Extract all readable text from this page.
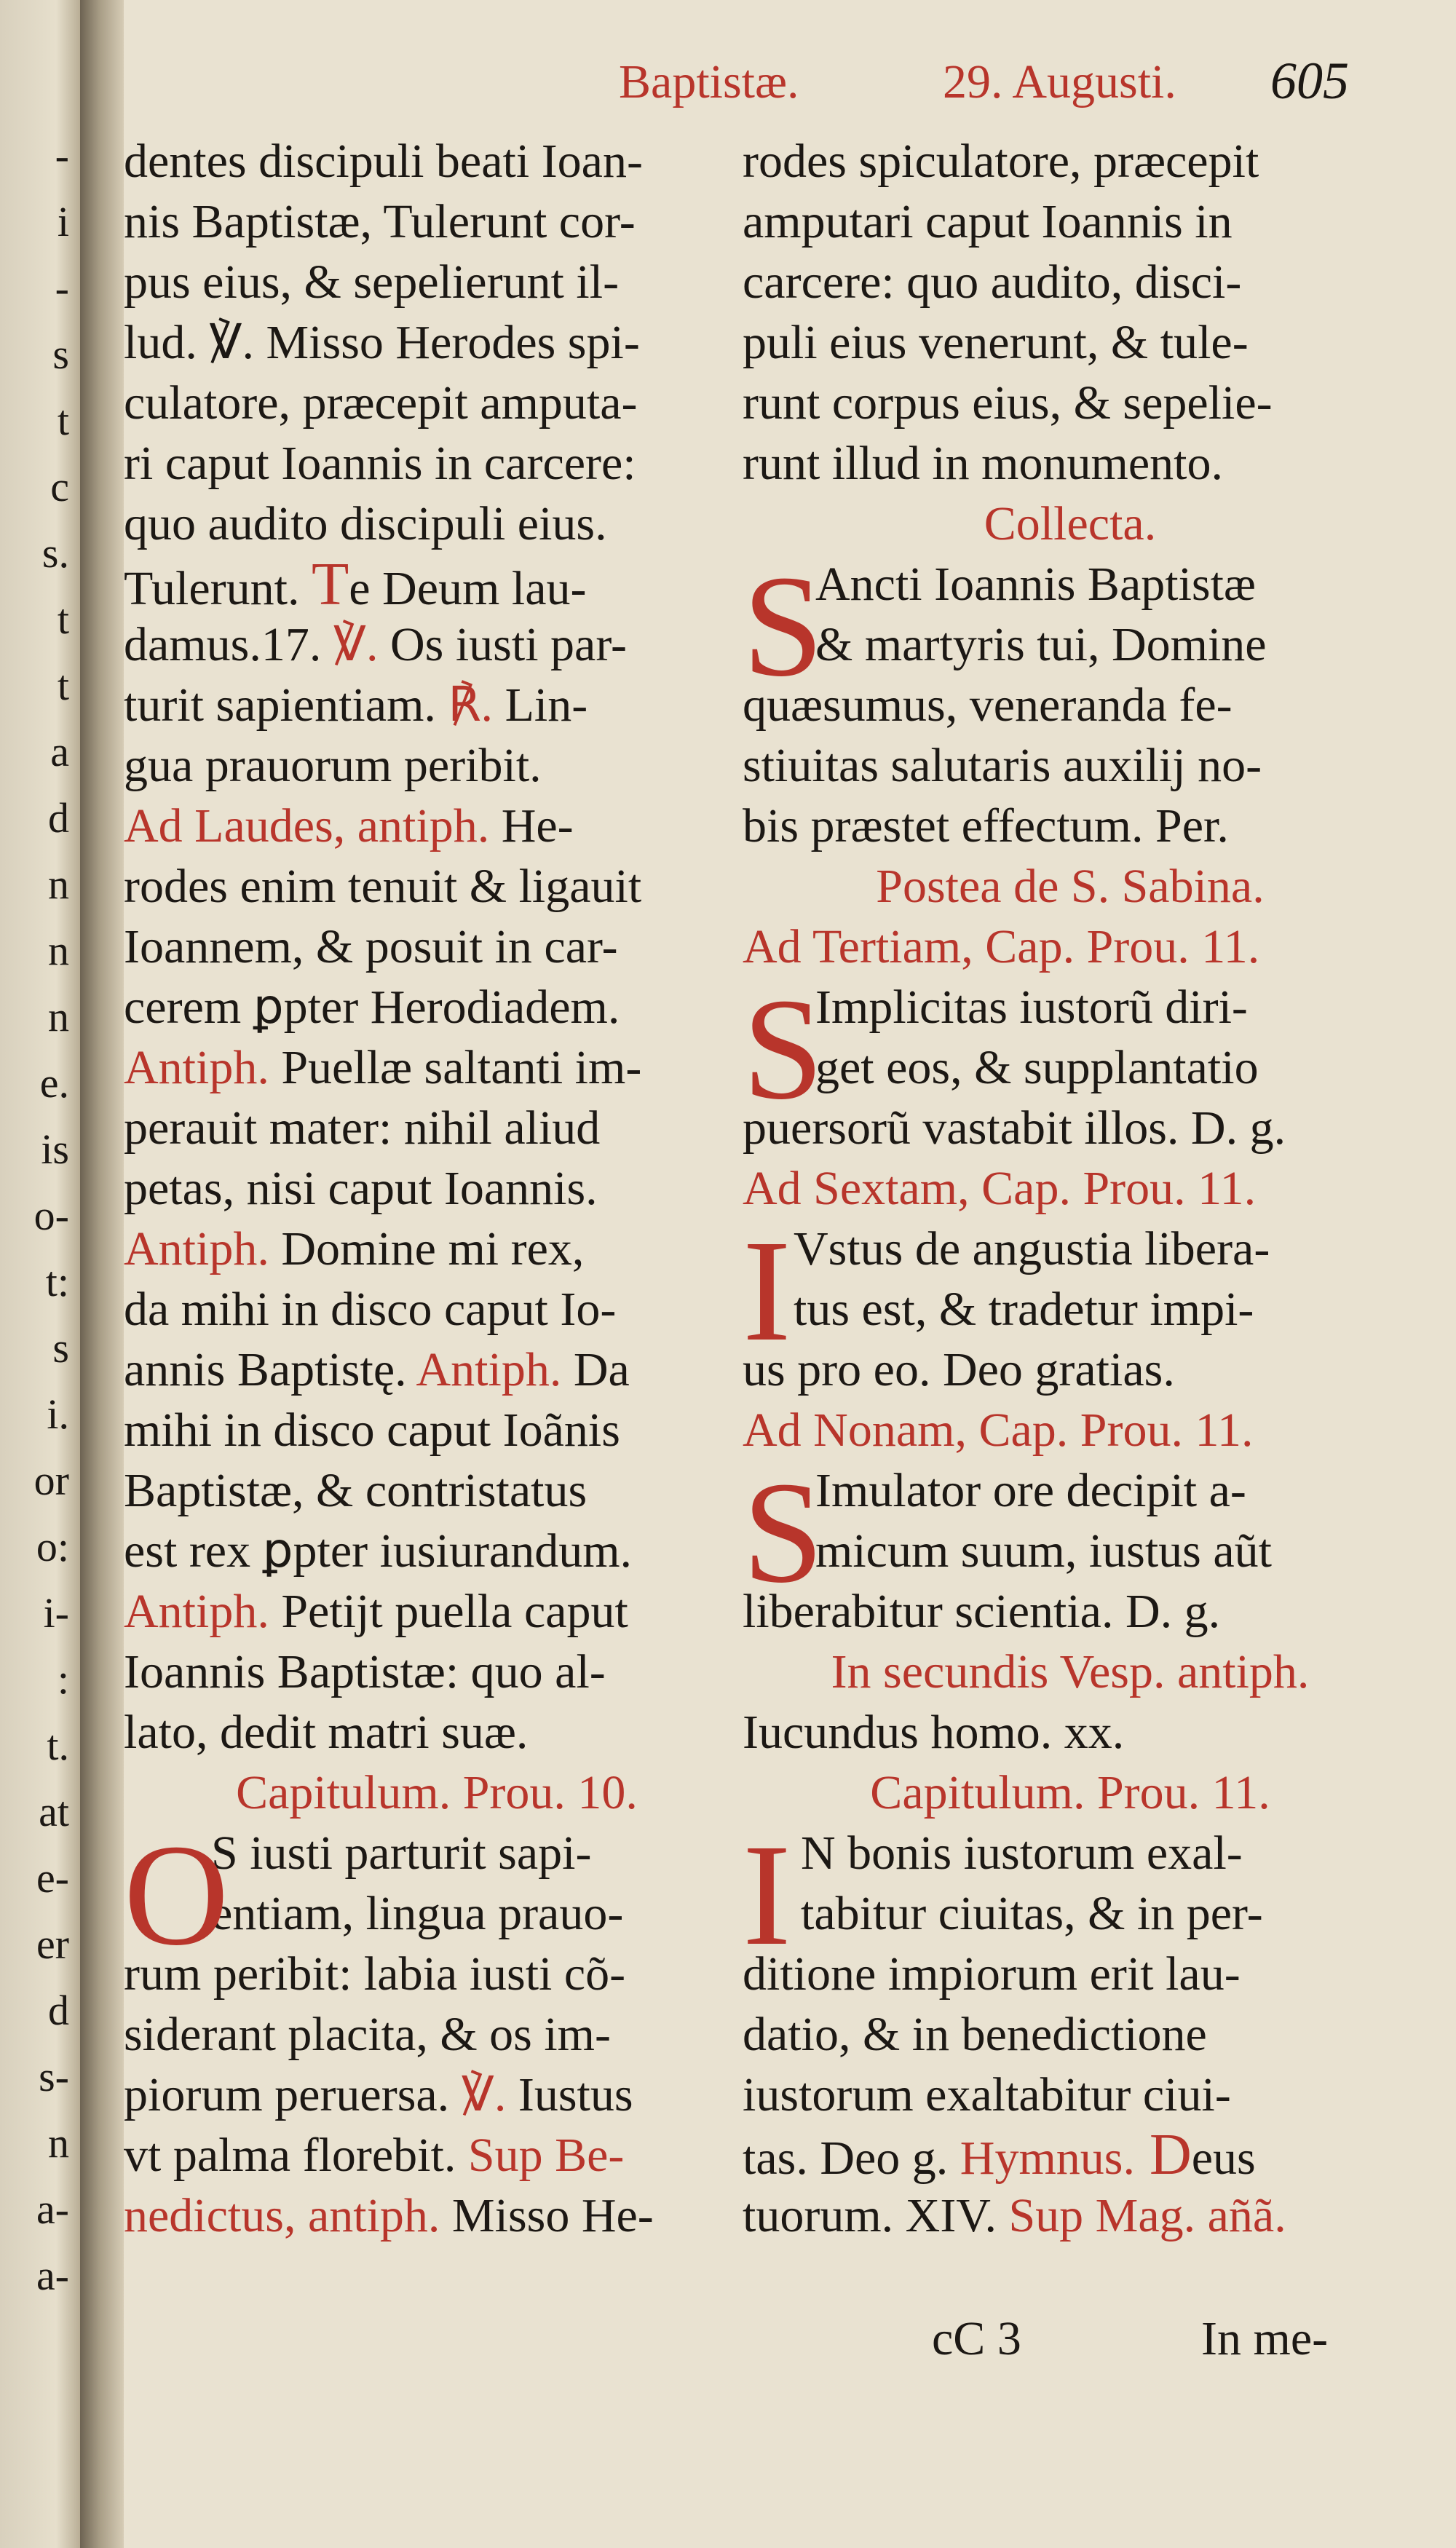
-
i
-
s
t
c
s.
t
t
a
d
n
n
n
e.
is
o-
t:
s
i.
or
o:
i-
:
t.
at
e-
er
d
s-
n
a-
a-
Baptistæ.	29. Augusti. 605
dentes discipuli beati Ioan-
nis Baptistæ, Tulerunt cor-
pus eius, & sepelierunt il-
lud. ℣. Misso Herodes spi-
culatore, præcepit amputa-
ri caput Ioannis in carcere:
quo audito discipuli eius.
Tulerunt. Te Deum lau-
damus.17. ℣. Os iusti par-
turit sapientiam. ℟. Lin-
gua prauorum peribit.
Ad Laudes, antiph. He-
rodes enim tenuit & ligauit
Ioannem, & posuit in car-
cerem ꝑpter Herodiadem.
Antiph. Puellæ saltanti im-
perauit mater: nihil aliud
petas, nisi caput Ioannis.
Antiph. Domine mi rex,
da mihi in disco caput Io-
annis Baptistę. Antiph. Da
mihi in disco caput Ioãnis
Baptistæ, & contristatus
est rex ꝑpter iusiurandum.
Antiph. Petijt puella caput
Ioannis Baptistæ: quo al-
lato, dedit matri suæ.
Capitulum. Prou. 10.
O
S iusti parturit sapi-
entiam, lingua prauo-
rum peribit: labia iusti cõ-
siderant placita, & os im-
piorum peruersa. ℣. Iustus
vt palma florebit. Sup Be-
nedictus, antiph. Misso He-
rodes spiculatore, præcepit
amputari caput Ioannis in
carcere: quo audito, disci-
puli eius venerunt, & tule-
runt corpus eius, & sepelie-
runt illud in monumento.
Collecta.
S
Ancti Ioannis Baptistæ
& martyris tui, Domine
quæsumus, veneranda fe-
stiuitas salutaris auxilij no-
bis præstet effectum. Per.
Postea de S. Sabina.
Ad Tertiam, Cap. Prou. 11.
S
Implicitas iustorũ diri-
get eos, & supplantatio
puersorũ vastabit illos. D. g.
Ad Sextam, Cap. Prou. 11.
I Vstus de angustia libera-
tus est, & tradetur impi-
us pro eo. Deo gratias.
Ad Nonam, Cap. Prou. 11.
S
Imulator ore decipit a-
micum suum, iustus aũt
liberabitur scientia. D. g.
In secundis Vesp. antiph.
Iucundus homo. xx.
Capitulum. Prou. 11.
I N bonis iustorum exal-
tabitur ciuitas, & in per-
ditione impiorum erit lau-
datio, & in benedictione
iustorum exaltabitur ciui-
tas. Deo g. Hymnus. Deus
tuorum. XIV. Sup Mag. añã.
cC 3	In me-
